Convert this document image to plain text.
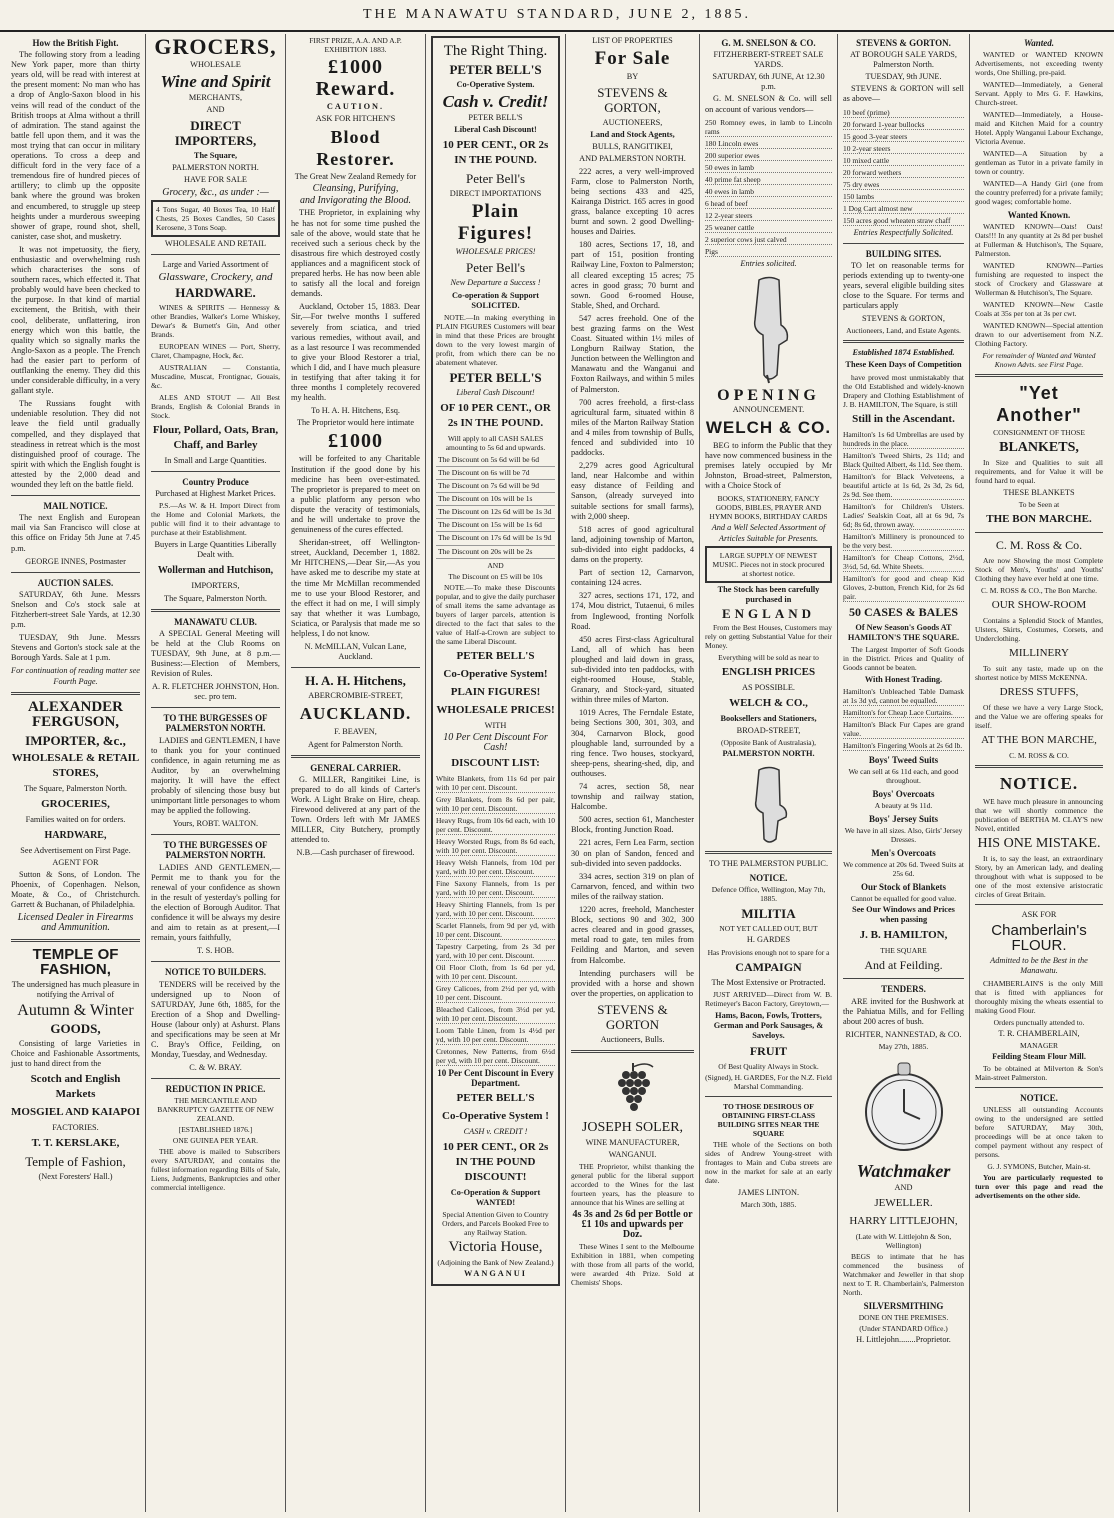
THE MANAWATU STANDARD, JUNE 2, 1885.
How the British Fight.

The following story from a leading New York paper, more than thirty years old, will be read with interest at the present moment: No man who has a drop of Anglo-Saxon blood in his veins will read of the conduct of the British troops at Alma without a thrill of admiration. The stand against the battle fell upon them, and it was the most trying that can occur in military operations. To cross a deep and difficult ford in the very face of a tremendous fire of hundred pieces of artillery; to climb up the opposite bank where the ground was broken and encumbered, to struggle up steep heights under a murderous sweeping shower of grape, round shot, shell, canister, case shot, and musketry.

It was not impetuosity, the fiery, enthusiastic and overwhelming rush which characterises the sons of southern races, which effected it. That probably would have been checked to the purpose. In that kind of martial excitement, the British, with their cool, deliberate, unflattering, iron energy which won this battle, the quality which so signally marks the Anglo-Saxon as a people. The French had the easier part to perform of outflanking the enemy. They did this under considerable difficulty, in a very gallant style.

The Russians fought with undeniable resolution. They did not leave the field until gradually compelled, and they displayed that steadiness in retreat which is the most distinguished proof of courage. The spirit with which the English fought is attested by the 2,000 dead and wounded they left on the battle field.

MAIL NOTICE.

The next English and European mail via San Francisco will close at this office on Friday 5th June at 7.45 p.m.

GEORGE INNES, Postmaster
AUCTION SALES.

SATURDAY, 6th June. Messrs Snelson and Co's stock sale at Fitzherbert-street Sale Yards, at 12.30 p.m.

TUESDAY, 9th June. Messrs Stevens and Gorton's stock sale at the Borough Yards. Sale at 1 p.m.

For continuation of reading matter see Fourth Page.
ALEXANDER FERGUSON,
IMPORTER, &c.,
WHOLESALE & RETAIL STORES,
The Square, Palmerston North.
GROCERIES,
Families waited on for orders.
HARDWARE,
See Advertisement on First Page.
AGENT FOR

Sutton & Sons, of London. The Phoenix, of Copenhagen. Nelson, Moate, & Co., of Christchurch. Garrett & Buchanan, of Philadelphia.

Licensed Dealer in Firearms and Ammunition.
TEMPLE OF FASHION,
The undersigned has much pleasure in notifying the Arrival of
Autumn & Winter
GOODS,

Consisting of large Varieties in Choice and Fashionable Assortments, just to hand direct from the

Scotch and English Markets
MOSGIEL AND KAIAPOI
FACTORIES.
T. T. KERSLAKE,
Temple of Fashion,
(Next Foresters' Hall.)
GROCERS,
WHOLESALE
Wine and Spirit
MERCHANTS,
AND
DIRECT IMPORTERS,
The Square,
PALMERSTON NORTH.
HAVE FOR SALE
Grocery, &c., as under :—
4 Tons Sugar, 40 Boxes Tea, 10 Half Chests, 25 Boxes Candles, 50 Cases Kerosene, 3 Tons Soap.
WHOLESALE AND RETAIL
Large and Varied Assortment of
Glassware, Crockery, and
HARDWARE.

WINES & SPIRITS — Hennessy & other Brandies, Walker's Lorne Whiskey, Dewar's & Burnett's Gin, And other Brands.

EUROPEAN WINES — Port, Sherry, Claret, Champagne, Hock, &c.

AUSTRALIAN — Constantia, Muscadine, Muscat, Frontignac, Gouais, &c.

ALES AND STOUT — All Best Brands, English & Colonial Brands in Stock.

Flour, Pollard, Oats, Bran, Chaff, and Barley
In Small and Large Quantities.
Country Produce
Purchased at Highest Market Prices.

P.S.—As W. & H. Import Direct from the Home and Colonial Markets, the public will find it to their advantage to purchase at their Establishment.

Buyers in Large Quantities Liberally Dealt with.
Wollerman and Hutchison,
IMPORTERS,
The Square, Palmerston North.
MANAWATU CLUB.

A SPECIAL General Meeting will be held at the Club Rooms on TUESDAY, 9th June, at 8 p.m.— Business:—Election of Members, Revision of Rules.

A. R. FLETCHER JOHNSTON, Hon. sec. pro tem.
TO THE BURGESSES OF PALMERSTON NORTH.

LADIES and GENTLEMEN, I have to thank you for your continued confidence, in again returning me as Auditor, by an overwhelming majority. It will have the effect probably of silencing those busy but unimportant little personages to whom may be applied the following.

Yours, ROBT. WALTON.
TO THE BURGESSES OF PALMERSTON NORTH.

LADIES AND GENTLEMEN,— Permit me to thank you for the renewal of your confidence as shown in the result of yesterday's polling for the election of Borough Auditor. That confidence it will be always my desire and aim to retain as at present,—I remain, yours faithfully,

T. S. HOB.
NOTICE TO BUILDERS.

TENDERS will be received by the undersigned up to Noon of SATURDAY, June 6th, 1885, for the Erection of a Shop and Dwelling-House (labour only) at Ashurst. Plans and specifications may be seen at Mr C. Bray's Office, Feilding, on Monday, Tuesday, and Wednesday.

C. & W. BRAY.
REDUCTION IN PRICE.
THE MERCANTILE AND BANKRUPTCY GAZETTE OF NEW ZEALAND.
[ESTABLISHED 1876.]
ONE GUINEA PER YEAR.

THE above is mailed to Subscribers every SATURDAY, and contains the fullest information regarding Bills of Sale, Liens, Judgments, Bankruptcies and other commercial intelligence.

FIRST PRIZE, A.A. AND A.P. EXHIBITION 1883.
£1000 Reward.
CAUTION.
ASK FOR HITCHEN'S
Blood Restorer.
The Great New Zealand Remedy for
Cleansing, Purifying,
and Invigorating the Blood.

THE Proprietor, in explaining why he has not for some time pushed the sale of the above, would state that he received such a serious check by the disastrous fire which destroyed costly appliances and a magnificent stock of prepared herbs. He has now been able to satisfy all the local and foreign demands.

Auckland, October 15, 1883. Dear Sir,—For twelve months I suffered severely from sciatica, and tried various remedies, without avail, and as a last resource I was recommended to give your Blood Restorer a trial, which I did, and I have much pleasure in testifying that after taking it for three months I completely recovered my health.

To H. A. H. Hitchens, Esq.
The Proprietor would here intimate
£1000

will be forfeited to any Charitable Institution if the good done by his medicine has been over-estimated. The proprietor is prepared to meet on a public platform any person who dispute the veracity of testimonials, and he will undertake to prove the genuineness of the cures effected.

Sheridan-street, off Wellington-street, Auckland, December 1, 1882. Mr HITCHENS,—Dear Sir,—As you have asked me to describe my state at the time Mr McMillan recommended me to use your Blood Restorer, and the effect it had on me, I will simply say that whether it was Lumbago, Sciatica, or Paralysis that made me so helpless, I do not know.

N. McMILLAN, Vulcan Lane, Auckland.
H. A. H. Hitchens,
ABERCROMBIE-STREET,
AUCKLAND.
F. BEAVEN,
Agent for Palmerston North.
GENERAL CARRIER.

G. MILLER, Rangitikei Line, is prepared to do all kinds of Carter's Work. A Light Brake on Hire, cheap. Firewood delivered at any part of the Town. Orders left with Mr JAMES MILLER, City Butchery, promptly attended to.

N.B.—Cash purchaser of firewood.
The Right Thing.
PETER BELL'S
Co-Operative System.
Cash v. Credit!
PETER BELL'S
Liberal Cash Discount!
10 PER CENT., OR 2s IN THE POUND.
Peter Bell's
DIRECT IMPORTATIONS
Plain Figures!
WHOLESALE PRICES!
Peter Bell's
New Departure a Success !
Co-operation & Support SOLICITED.

NOTE.—In making everything in PLAIN FIGURES Customers will bear in mind that these Prices are brought down to the very lowest margin of profit, from which there can be no abatement whatever.

PETER BELL'S
Liberal Cash Discount!
OF 10 PER CENT., OR 2s IN THE POUND.
Will apply to all CASH SALES amounting to 5s 6d and upwards.
The Discount on 5s 6d will be 6d
The Discount on 6s will be 7d
The Discount on 7s 6d will be 9d
The Discount on 10s will be 1s
The Discount on 12s 6d will be 1s 3d
The Discount on 15s will be 1s 6d
The Discount on 17s 6d will be 1s 9d
The Discount on 20s will be 2s
AND
The Discount on £5 will be 10s

NOTE.—To make these Discounts popular, and to give the daily purchaser of small items the same advantage as buyers of larger parcels, attention is directed to the fact that sales to the value of Half-a-Crown are subject to the same Liberal Discount.

PETER BELL'S
Co-Operative System!
PLAIN FIGURES!
WHOLESALE PRICES!
WITH
10 Per Cent Discount For Cash!
DISCOUNT LIST:
White Blankets, from 11s 6d per pair with 10 per cent. Discount.
Grey Blankets, from 8s 6d per pair, with 10 per cent. Discount.
Heavy Rugs, from 10s 6d each, with 10 per cent. Discount.
Heavy Worsted Rugs, from 8s 6d each, with 10 per cent. Discount.
Heavy Welsh Flannels, from 10d per yard, with 10 per cent. Discount.
Fine Saxony Flannels, from 1s per yard, with 10 per cent. Discount.
Heavy Shirting Flannels, from 1s per yard, with 10 per cent. Discount.
Scarlet Flannels, from 9d per yd, with 10 per cent. Discount.
Tapestry Carpeting, from 2s 3d per yard, with 10 per cent. Discount.
Oil Floor Cloth, from 1s 6d per yd, with 10 per cent. Discount.
Grey Calicoes, from 2½d per yd, with 10 per cent. Discount.
Bleached Calicoes, from 3½d per yd, with 10 per cent. Discount.
Loom Table Linen, from 1s 4½d per yd, with 10 per cent. Discount.
Cretonnes, New Patterns, from 6½d per yd, with 10 per cent. Discount.
10 Per Cent Discount in Every Department.
PETER BELL'S
Co-Operative System !
CASH v. CREDIT !
10 PER CENT., OR 2s IN THE POUND DISCOUNT!
Co-Operation & Support WANTED!
Special Attention Given to Country Orders, and Parcels Booked Free to any Railway Station.
Victoria House,
(Adjoining the Bank of New Zealand.)
WANGANUI
LIST OF PROPERTIES
For Sale
BY
STEVENS & GORTON,
AUCTIONEERS,
Land and Stock Agents,
BULLS, RANGITIKEI,
AND PALMERSTON NORTH.

222 acres, a very well-improved Farm, close to Palmerston North, being sections 433 and 425, Kairanga District. 165 acres in good grass, balance excepting 10 acres burnt and sown. 2 good Dwelling-houses and Dairies.

180 acres, Sections 17, 18, and part of 151, position fronting Railway Line, Foxton to Palmerston; all cleared excepting 15 acres; 75 acres in good grass; 70 burnt and sown. Good 6-roomed House, Stable, Shed, and Orchard.

547 acres freehold. One of the best grazing farms on the West Coast. Situated within 1½ miles of Longburn Railway Station, the Junction between the Wellington and Manawatu and the Wanganui and Foxton Railways, and within 5 miles of Palmerston.

700 acres freehold, a first-class agricultural farm, situated within 8 miles of the Marton Railway Station and 4 miles from township of Bulls, fenced and subdivided into 10 paddocks.

2,279 acres good Agricultural land, near Halcombe and within easy distance of Feilding and Sanson, (already surveyed into suitable sections for small farms), with 2,000 sheep.

518 acres of good agricultural land, adjoining township of Marton, sub-divided into eight paddocks, 4 dams on the property.

Part of section 12, Carnarvon, containing 124 acres.

327 acres, sections 171, 172, and 174, Mou district, Tutaenui, 6 miles from Inglewood, fronting Norfolk Road.

450 acres First-class Agricultural Land, all of which has been ploughed and laid down in grass, sub-divided into ten paddocks, with eight-roomed House, Stable, Granary, and Stock-yard, situated within three miles of Marton.

1019 Acres, The Ferndale Estate, being Sections 300, 301, 303, and 304, Carnarvon Block, good ploughable land, surrounded by a ring fence. Two houses, stockyard, sheep-pens, shearing-shed, dip, and outhouses.

74 acres, section 58, near township and railway station, Halcombe.

500 acres, section 61, Manchester Block, fronting Junction Road.

221 acres, Fern Lea Farm, section 30 on plan of Sandon, fenced and sub-divided into seven paddocks.

334 acres, section 319 on plan of Carnarvon, fenced, and within two miles of the railway station.

1220 acres, freehold, Manchester Block, sections 90 and 302, 300 acres cleared and in good grasses, metal road to gate, ten miles from Feilding and Marton, and seven from Halcombe.

Intending purchasers will be provided with a horse and shown over the properties, on application to

STEVENS & GORTON
Auctioneers, Bulls.
JOSEPH SOLER,
WINE MANUFACTURER,
WANGANUI.

THE Proprietor, whilst thanking the general public for the liberal support accorded to the Wines for the last fourteen years, has the pleasure to announce that his Wines are selling at

4s 3s and 2s 6d per Bottle or £1 10s and upwards per Doz.

These Wines I sent to the Melbourne Exhibition in 1881, when competing with those from all parts of the world, were awarded 4th Prize. Sold at Chemists' Shops.

G. M. SNELSON & CO.
FITZHERBERT-STREET SALE YARDS.
SATURDAY, 6th JUNE, At 12.30 p.m.

G. M. SNELSON & Co. will sell on account of various vendors—

250 Romney ewes, in lamb to Lincoln rams
180 Lincoln ewes
200 superior ewes
50 ewes in lamb
40 prime fat sheep
40 ewes in lamb
6 head of beef
12 2-year steers
25 weaner cattle
2 superior cows just calved
Pigs
Entries solicited.
OPENING
ANNOUNCEMENT.
WELCH & CO.

BEG to inform the Public that they have now commenced business in the premises lately occupied by Mr Johnston, Broad-street, Palmerston, with a Choice Stock of

BOOKS, STATIONERY, FANCY GOODS, BIBLES, PRAYER AND HYMN BOOKS, BIRTHDAY CARDS
And a Well Selected Assortment of Articles Suitable for Presents.
LARGE SUPPLY OF NEWEST MUSIC. Pieces not in stock procured at shortest notice.
The Stock has been carefully purchased in
ENGLAND

From the Best Houses, Customers may rely on getting Substantial Value for their Money.

Everything will be sold as near to
ENGLISH PRICES
AS POSSIBLE.
WELCH & CO.,
Booksellers and Stationers,
BROAD-STREET,
(Opposite Bank of Australasia),
PALMERSTON NORTH.
TO THE PALMERSTON PUBLIC.
NOTICE.
Defence Office, Wellington, May 7th, 1885.
MILITIA
NOT YET CALLED OUT, BUT
H. GARDES
Has Provisions enough not to spare for a
CAMPAIGN
The Most Extensive or Protracted.

JUST ARRIVED—Direct from W. B. Retimeyer's Bacon Factory, Greytown,—

Hams, Bacon, Fowls, Trotters, German and Pork Sausages, & Saveloys.
FRUIT
Of Best Quality Always in Stock.
(Signed), H. GARDES, For the N.Z. Field Marshal Commanding.
TO THOSE DESIROUS OF OBTAINING FIRST-CLASS BUILDING SITES NEAR THE SQUARE

THE whole of the Sections on both sides of Andrew Young-street with frontages to Main and Cuba streets are now in the market for sale at an early date.

JAMES LINTON.
March 30th, 1885.
STEVENS & GORTON.
AT BOROUGH SALE YARDS, Palmerston North.
TUESDAY, 9th JUNE.

STEVENS & GORTON will sell as above—

10 beef (prime)
20 forward 1-year bullocks
15 good 3-year steers
10 2-year steers
10 mixed cattle
20 forward wethers
75 dry ewes
150 lambs
1 Dog Cart almost new
150 acres good wheaten straw chaff
Entries Respectfully Solicited.
BUILDING SITES.

TO let on reasonable terms for periods extending up to twenty-one years, several eligible building sites close to the Square. For terms and particulars apply

STEVENS & GORTON,
Auctioneers, Land, and Estate Agents.
Established 1874 Established.
These Keen Days of Competition

have proved most unmistakably that the Old Established and widely-known Drapery and Clothing Establishment of J. B. HAMILTON, The Square, is still

Still in the Ascendant.
Hamilton's 1s 6d Umbrellas are used by hundreds in the place.
Hamilton's Tweed Shirts, 2s 11d; and Black Quilted Albert, 4s 11d. See them.
Hamilton's for Black Velveteens, a beautiful article at 1s 6d, 2s 3d, 2s 6d, 2s 9d. See them.
Hamilton's for Children's Ulsters. Ladies' Sealskin Coat, all at 6s 9d, 7s 6d; 8s 6d, thrown away.
Hamilton's Millinery is pronounced to be the very best.
Hamilton's for Cheap Cottons, 2½d, 3½d, 5d, 6d. White Sheets.
Hamilton's for good and cheap Kid Gloves, 2-button, French Kid, for 2s 6d pair.
50 CASES & BALES
Of New Season's Goods AT HAMILTON'S THE SQUARE.

The Largest Importer of Soft Goods in the District. Prices and Quality of Goods cannot be beaten.

With Honest Trading.
Hamilton's Unbleached Table Damask at 1s 3d yd, cannot be equalled.
Hamilton's for Cheap Lace Curtains.
Hamilton's Black Fur Capes are grand value.
Hamilton's Fingering Wools at 2s 6d lb.
Boys' Tweed Suits
We can sell at 6s 11d each, and good throughout.
Boys' Overcoats
A beauty at 9s 11d.
Boys' Jersey Suits
We have in all sizes. Also, Girls' Jersey Dresses.
Men's Overcoats
We commence at 20s 6d. Tweed Suits at 25s 6d.
Our Stock of Blankets
Cannot be equalled for good value.
See Our Windows and Prices when passing
J. B. HAMILTON,
THE SQUARE
And at Feilding.
TENDERS.

ARE invited for the Bushwork at the Pahiatua Mills, and for Felling about 200 acres of bush.

RICHTER, NANNESTAD, & CO.
May 27th, 1885.
Watchmaker
AND
JEWELLER.
HARRY LITTLEJOHN,
(Late with W. Littlejohn & Son, Wellington)

BEGS to intimate that he has commenced the business of Watchmaker and Jeweller in that shop next to T. R. Chamberlain's, Palmerston North.

SILVERSMITHING
DONE ON THE PREMISES.
(Under STANDARD Office.)
H. Littlejohn........Proprietor.
Wanted.

WANTED or WANTED KNOWN Advertisements, not exceeding twenty words, One Shilling, pre-paid.

WANTED—Immediately, a General Servant. Apply to Mrs G. F. Hawkins, Church-street.

WANTED—Immediately, a House-maid and Kitchen Maid for a country Hotel. Apply Wanganui Labour Exchange, Victoria Avenue.

WANTED—A Situation by a gentleman as Tutor in a private family in town or country.

WANTED—A Handy Girl (one from the country preferred) for a private family; good wages; comfortable home.

Wanted Known.

WANTED KNOWN—Oats! Oats! Oats!!! In any quantity at 2s 8d per bushel at Fullerman & Hutchison's, The Square, Palmerston.

WANTED KNOWN—Parties furnishing are requested to inspect the stock of Crockery and Glassware at Wollerman & Hutchison's, The Square.

WANTED KNOWN—New Castle Coals at 35s per ton at 3s per cwt.

WANTED KNOWN—Special attention drawn to our advertisement from N.Z. Clothing Factory.

For remainder of Wanted and Wanted Known Advts. see First Page.
"Yet Another"
CONSIGNMENT OF THOSE
BLANKETS,

In Size and Qualities to suit all requirements, and for Value it will be found hard to equal.

THESE BLANKETS
To be Seen at
THE BON MARCHE.
C. M. Ross & Co.

Are now Showing the most Complete Stock of Men's, Youths' and Youths' Clothing they have ever held at one time.

C. M. ROSS & CO., The Bon Marche.
OUR SHOW-ROOM

Contains a Splendid Stock of Mantles, Ulsters, Skirts, Costumes, Corsets, and Underclothing.

MILLINERY

To suit any taste, made up on the shortest notice by MISS McKENNA.

DRESS STUFFS,

Of these we have a very Large Stock, and the Value we are offering speaks for itself.

AT THE BON MARCHE,
C. M. ROSS & CO.
NOTICE.

WE have much pleasure in announcing that we will shortly commence the publication of BERTHA M. CLAY'S new Novel, entitled

HIS ONE MISTAKE.

It is, to say the least, an extraordinary Story, by an American lady, and dealing throughout with what is supposed to be one of the most extensive aristocratic circles of Great Britain.

ASK FOR
Chamberlain's FLOUR.
Admitted to be the Best in the Manawatu.

CHAMBERLAIN'S is the only Mill that is fitted with appliances for thoroughly mixing the wheats essential to making Good Flour.

Orders punctually attended to.
T. R. CHAMBERLAIN,
MANAGER
Feilding Steam Flour Mill.

To be obtained at Milverton & Son's Main-street Palmerston.

NOTICE.

UNLESS all outstanding Accounts owing to the undersigned are settled before SATURDAY, May 30th, proceedings will be at once taken to compel payment without any respect of persons.

G. J. SYMONS, Butcher, Main-st.

You are particularly requested to turn over this page and read the advertisements on the other side.
